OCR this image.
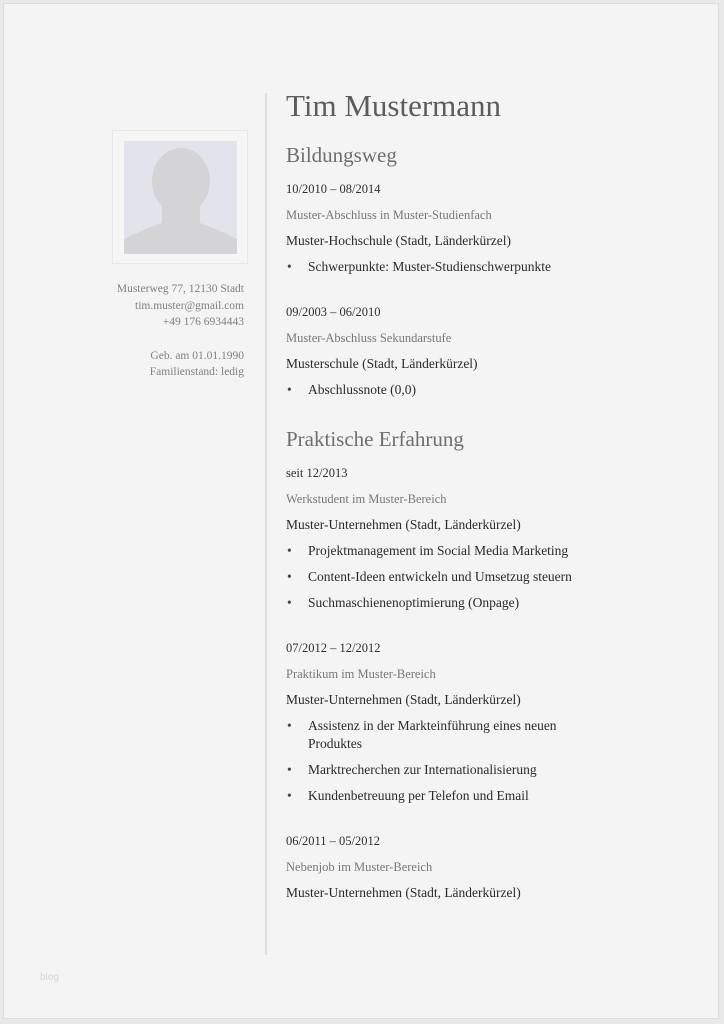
Musterweg 77, 12130 Stadt
tim.muster@gmail.com
+49 176 6934443
Geb. am 01.01.1990
Familienstand: ledig
Tim Mustermann
Bildungsweg
10/2010 – 08/2014
Muster-Abschluss in Muster-Studienfach
Muster-Hochschule (Stadt, Länderkürzel)
• Schwerpunkte: Muster-Studienschwerpunkte
09/2003 – 06/2010
Muster-Abschluss Sekundarstufe
Musterschule (Stadt, Länderkürzel)
• Abschlussnote (0,0)
Praktische Erfahrung
seit 12/2013
Werkstudent im Muster-Bereich
Muster-Unternehmen (Stadt, Länderkürzel)
• Projektmanagement im Social Media Marketing
• Content-Ideen entwickeln und Umsetzug steuern
• Suchmaschienenoptimierung (Onpage)
07/2012 – 12/2012
Praktikum im Muster-Bereich
Muster-Unternehmen (Stadt, Länderkürzel)
• Assistenz in der Markteinführung eines neuen Produktes
• Marktrecherchen zur Internationalisierung
• Kundenbetreuung per Telefon und Email
06/2011 – 05/2012
Nebenjob im Muster-Bereich
Muster-Unternehmen (Stadt, Länderkürzel)
blog
